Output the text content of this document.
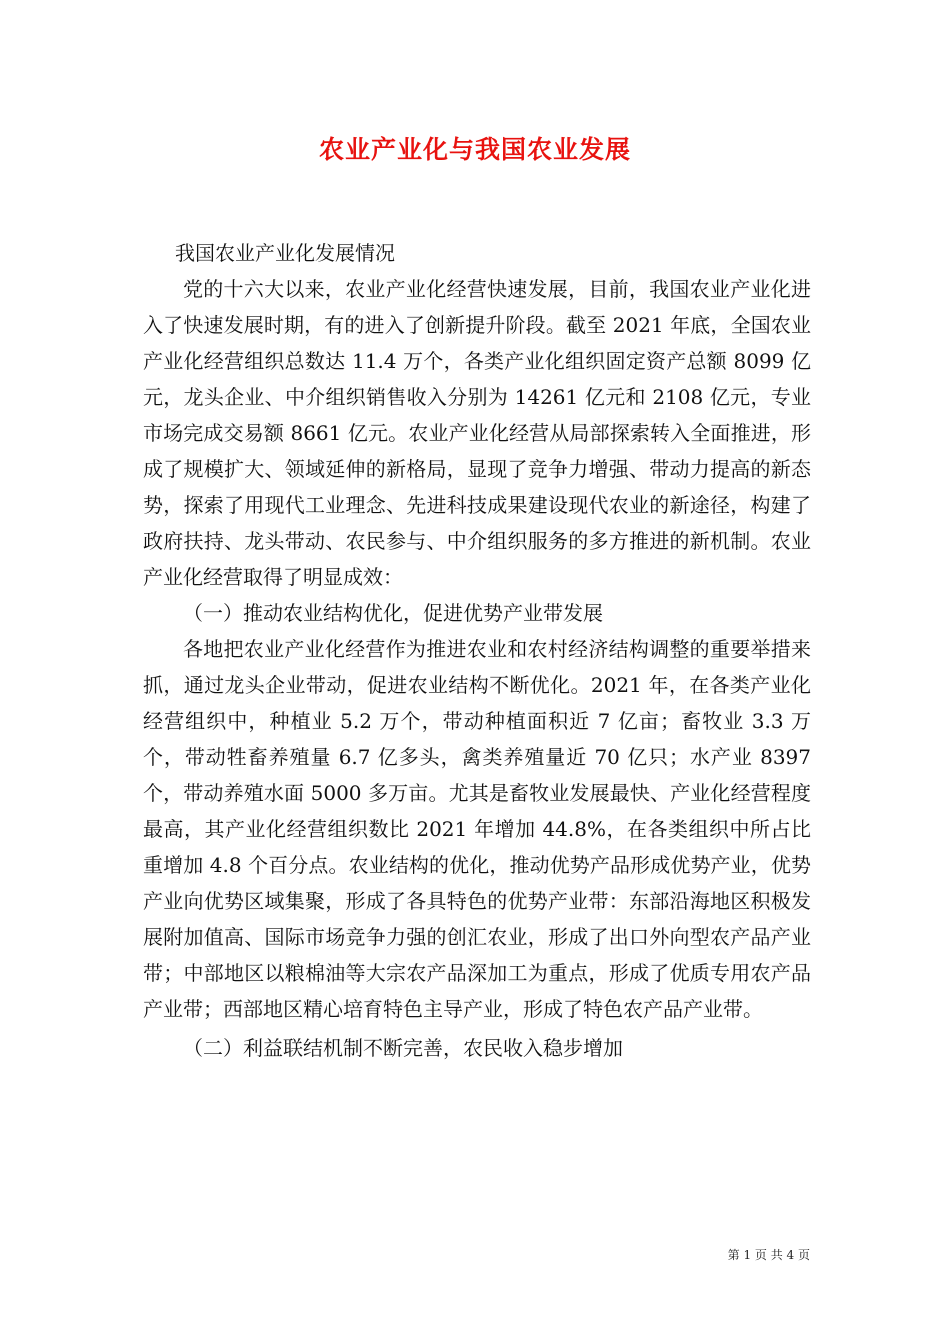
农业产业化与我国农业发展

我国农业产业化发展情况

党的十六大以来，农业产业化经营快速发展，目前，我国农业产业化进入了快速发展时期，有的进入了创新提升阶段。截至 2021 年底，全国农业产业化经营组织总数达 11.4 万个，各类产业化组织固定资产总额 8099 亿元，龙头企业、中介组织销售收入分别为 14261 亿元和 2108 亿元，专业市场完成交易额 8661 亿元。农业产业化经营从局部探索转入全面推进，形成了规模扩大、领域延伸的新格局，显现了竞争力增强、带动力提高的新态势，探索了用现代工业理念、先进科技成果建设现代农业的新途径，构建了政府扶持、龙头带动、农民参与、中介组织服务的多方推进的新机制。农业产业化经营取得了明显成效：

（一）推动农业结构优化，促进优势产业带发展

各地把农业产业化经营作为推进农业和农村经济结构调整的重要举措来抓，通过龙头企业带动，促进农业结构不断优化。2021 年，在各类产业化经营组织中，种植业 5.2 万个，带动种植面积近 7 亿亩；畜牧业 3.3 万个，带动牲畜养殖量 6.7 亿多头，禽类养殖量近 70 亿只；水产业 8397 个，带动养殖水面 5000 多万亩。尤其是畜牧业发展最快、产业化经营程度最高，其产业化经营组织数比 2021 年增加 44.8%，在各类组织中所占比重增加 4.8 个百分点。农业结构的优化，推动优势产品形成优势产业，优势产业向优势区域集聚，形成了各具特色的优势产业带：东部沿海地区积极发展附加值高、国际市场竞争力强的创汇农业，形成了出口外向型农产品产业带；中部地区以粮棉油等大宗农产品深加工为重点，形成了优质专用农产品产业带；西部地区精心培育特色主导产业，形成了特色农产品产业带。

（二）利益联结机制不断完善，农民收入稳步增加

第 1 页 共 4 页
